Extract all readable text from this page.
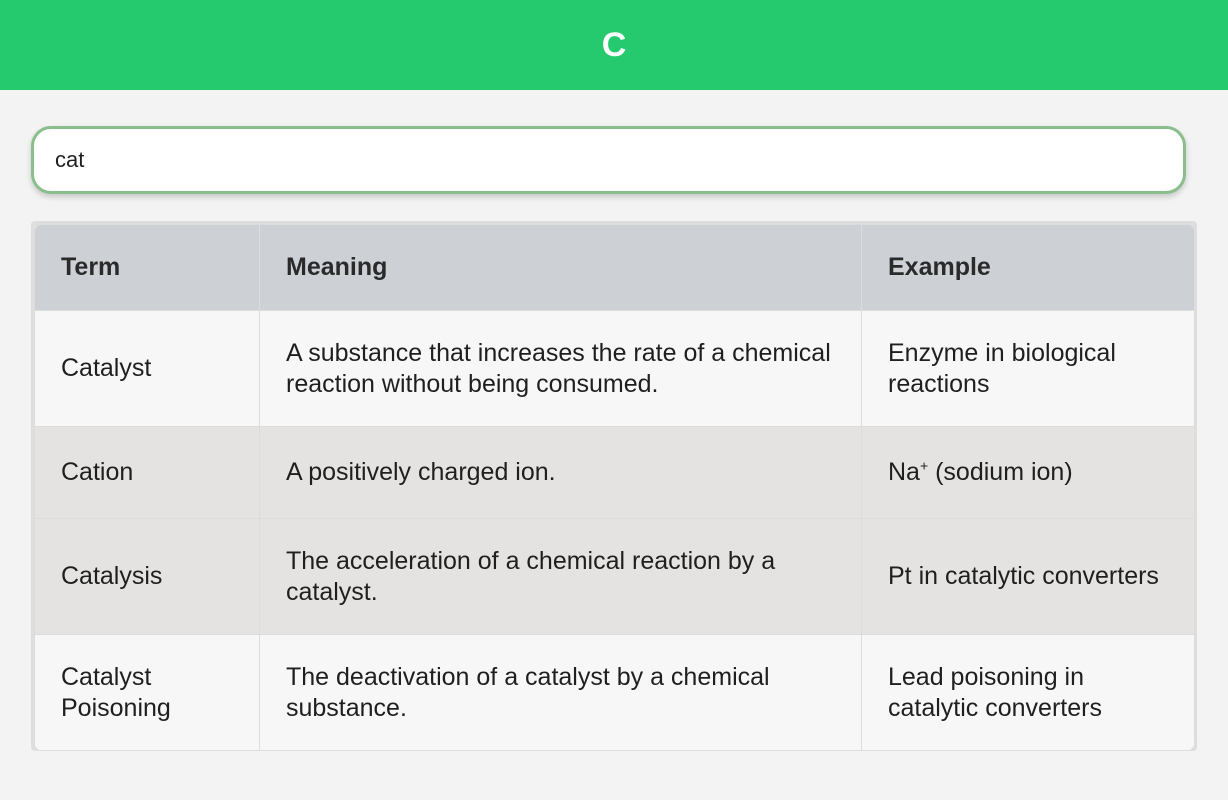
C
cat
Term	Meaning	Example
Catalyst	A substance that increases the rate of a chemical reaction without being consumed.	Enzyme in biological reactions
Cation	A positively charged ion.	Na+ (sodium ion)
Catalysis	The acceleration of a chemical reaction by a catalyst.	Pt in catalytic converters
Catalyst Poisoning	The deactivation of a catalyst by a chemical substance.	Lead poisoning in catalytic converters
